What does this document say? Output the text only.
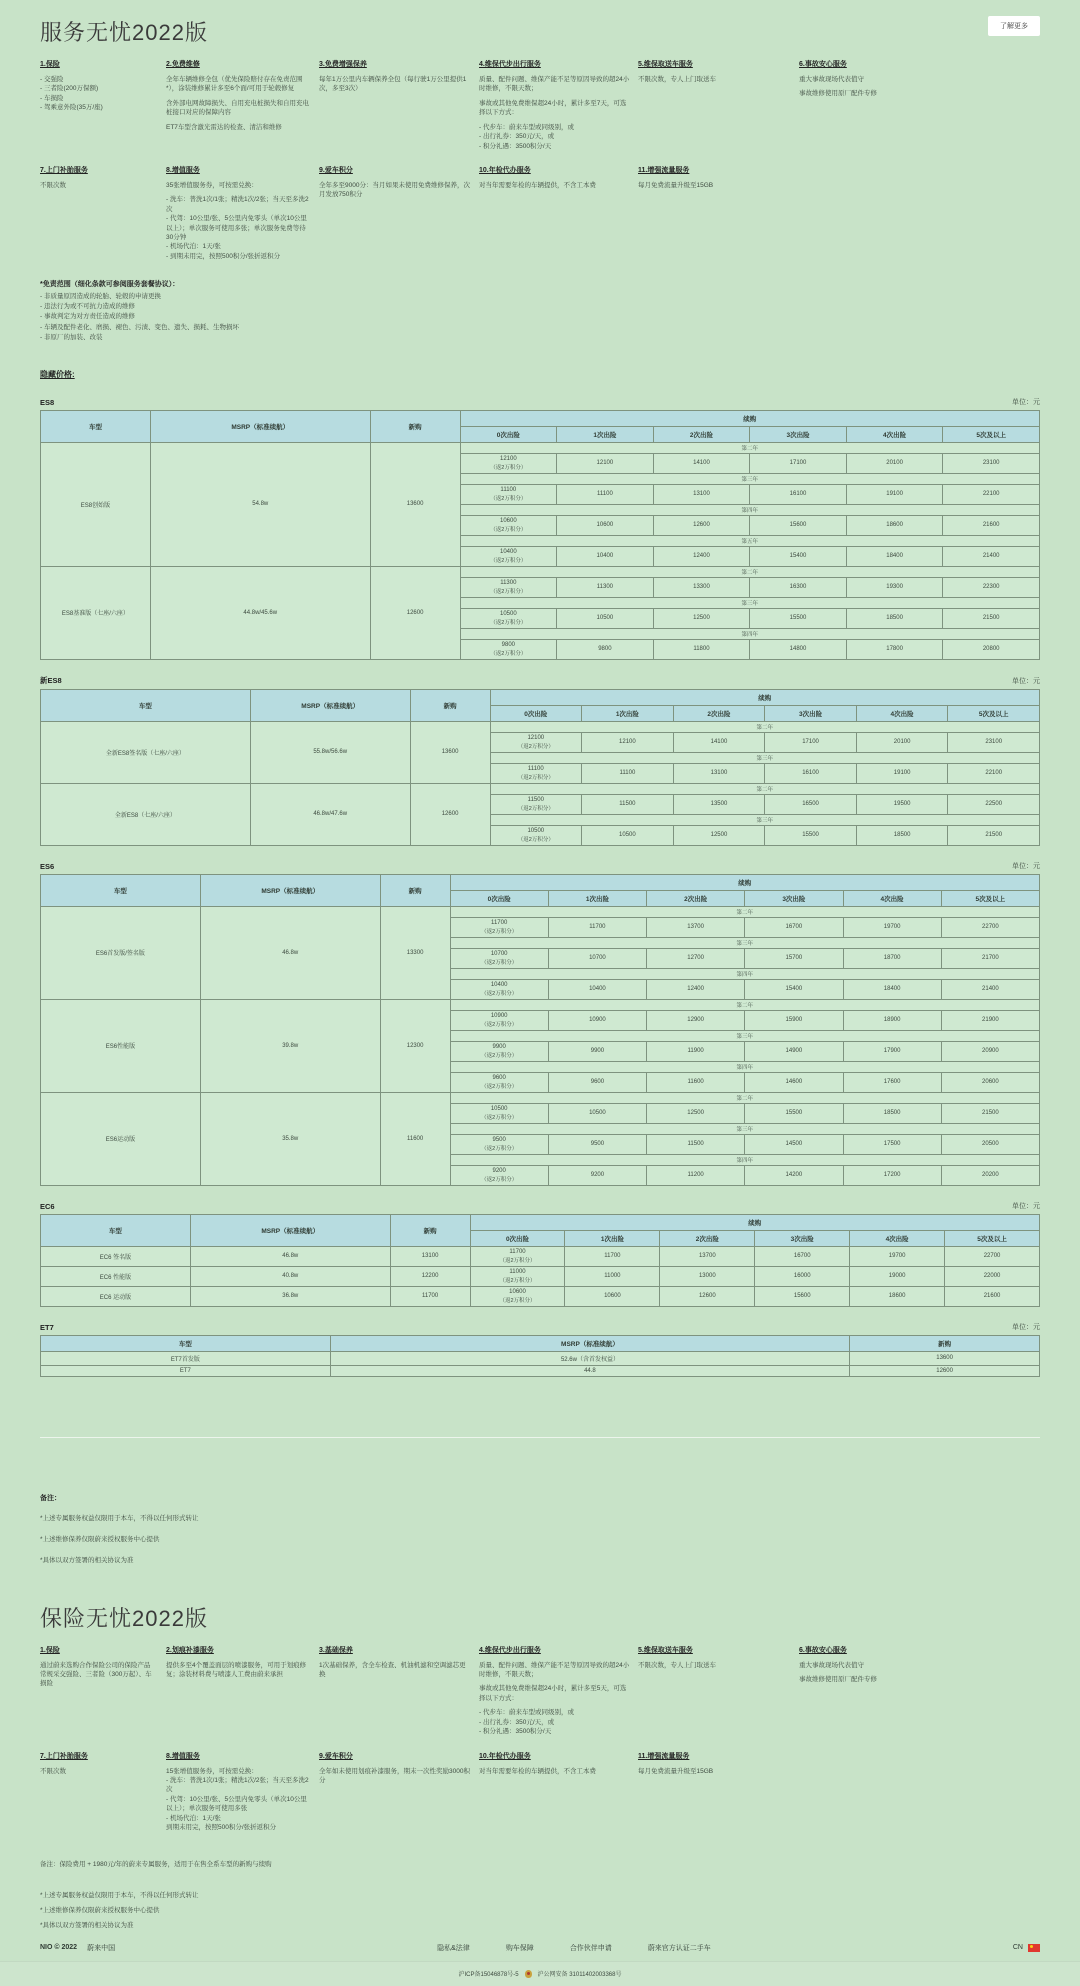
服务无忧2022版	了解更多
1.保险
- 交强险
- 三者险(200万保额)
- 车损险
- 驾乘意外险(35万/座)
2.免费维修
全年车辆维修全包（优先保险赔付存在免责范围*），涂装维修累计多至6个面/可用于轮毂修复
含外部电网故障损失、自用充电桩损失和自用充电桩接口对应的保障内容
ET7车型含激光雷达的检查、清洁和维修
3.免费增强保养
每年1万公里内车辆保养全包（每行驶1万公里提供1次，多至3次）
4.维保代步出行服务
质量、配件问题、维保产能不足等原因导致的超24小时维修，不限天数；
事故或其他免费维保超24小时，累计多至7天，可选择以下方式：
- 代步车：蔚来车型或同级别，或
- 出行礼券：350元/天，或
- 积分礼遇：3500积分/天
5.维保取送车服务
不限次数，专人上门取送车
6.事故安心服务
重大事故现场代表值守
事故维修使用原厂配件专修
7.上门补胎服务
不限次数
8.增值服务
35张增值服务券，可按需兑换：
- 洗车：普洗1次/1张；精洗1次/2张；当天至多洗2次
- 代驾：10公里/张、5公里内免零头（单次10公里以上）；单次服务可使用多张；单次服务免费等待30分钟
- 机场代泊：1天/张
- 到期未用完，按照500积分/张折返积分
9.爱车积分
全年多至9000分：当月如果未使用免费维修保养，次月发放750积分
10.年检代办服务
对当年需要年检的车辆提供，不含工本费
11.增强流量服务
每月免费流量升级至15GB
*免责范围（细化条款可参阅服务套餐协议）：
- 非质量原因造成的轮胎、轮毂的申请更换
- 违法行为或不可抗力造成的维修
- 事故判定为对方责任造成的维修
- 车辆及配件老化、磨损、褪色、污渍、变色、遗失、损耗、生物损坏
- 非原厂的加装、改装
隐藏价格:
ES8	单位：元
车型	MSRP（标准续航）	新购	续购					
			0次出险	1次出险	2次出险	3次出险	4次出险	5次及以上
ES8创始版	54.8w	13600	第二年					

			12100
（返2万积分）	12100	14100	17100	20100	23100

			第三年					

			11100
（返2万积分）	11100	13100	16100	19100	22100

			第四年					

			10600
（返2万积分）	10600	12600	15600	18600	21600

			第五年					

			10400
（返2万积分）	10400	12400	15400	18400	21400

ES8基准版（七座/六座）	44.8w/45.6w	12600	第二年					

			11300
（返2万积分）	11300	13300	16300	19300	22300

			第三年					

			10500
（返2万积分）	10500	12500	15500	18500	21500

			第四年					

			9800
（返2万积分）	9800	11800	14800	17800	20800
新ES8	单位：元
车型	MSRP（标准续航）	新购	续购					
			0次出险	1次出险	2次出险	3次出险	4次出险	5次及以上
全新ES8签名版（七座/六座）	55.8w/56.6w	13600	第二年					

			12100
（返2万积分）	12100	14100	17100	20100	23100

			第三年					

			11100
（返2万积分）	11100	13100	16100	19100	22100

全新ES8（七座/六座）	46.8w/47.6w	12600	第二年					

			11500
（返2万积分）	11500	13500	16500	19500	22500

			第三年					

			10500
（返2万积分）	10500	12500	15500	18500	21500
ES6	单位：元
车型	MSRP（标准续航）	新购	续购					
			0次出险	1次出险	2次出险	3次出险	4次出险	5次及以上
ES6首发版/签名版	46.8w	13300	第二年					

			11700
（返2万积分）	11700	13700	16700	19700	22700

			第三年					

			10700
（返2万积分）	10700	12700	15700	18700	21700

			第四年					

			10400
（返2万积分）	10400	12400	15400	18400	21400

ES6性能版	39.8w	12300	第二年					

			10900
（返2万积分）	10900	12900	15900	18900	21900

			第三年					

			9900
（返2万积分）	9900	11900	14900	17900	20900

			第四年					

			9600
（返2万积分）	9600	11600	14600	17600	20600

ES6运动版	35.8w	11600	第二年					

			10500
（返2万积分）	10500	12500	15500	18500	21500

			第三年					

			9500
（返2万积分）	9500	11500	14500	17500	20500

			第四年					

			9200
（返2万积分）	9200	11200	14200	17200	20200
EC6	单位：元
车型	MSRP（标准续航）	新购	续购					
			0次出险	1次出险	2次出险	3次出险	4次出险	5次及以上
EC6 签名版	46.8w	13100	11700
（返2万积分）	11700	13700	16700	19700	22700

EC6 性能版	40.8w	12200	11000
（返2万积分）	11000	13000	16000	19000	22000

EC6 运动版	36.8w	11700	10600
（返2万积分）	10600	12600	15600	18600	21600
ET7	单位：元
车型	MSRP（标准续航）	新购
ET7首发版	52.6w（含首发权益）	13600
ET7	44.8	12600
备注：
*上述专属服务权益仅限用于本车，不得以任何形式转让
*上述维修保养仅限蔚来授权服务中心提供
*具体以双方签署的相关协议为准
保险无忧2022版
1.保险
通过蔚来选购合作保险公司的保险产品
常规采交强险、三者险（300万起）、车损险
2.划痕补漆服务
提供多至4个覆盖面层的喷漆服务，可用于划痕修复；涂装材料费与喷漆人工费由蔚来承担
3.基础保养
1次基础保养，含全车检查、机油机滤和空调滤芯更换
4.维保代步出行服务
质量、配件问题、维保产能不足等原因导致的超24小时维修，不限天数；
事故或其他免费维保超24小时，累计多至5天，可选择以下方式：
- 代步车：蔚来车型或同级别，或
- 出行礼券：350元/天，或
- 积分礼遇：3500积分/天
5.维保取送车服务
不限次数，专人上门取送车
6.事故安心服务
重大事故现场代表值守
事故维修使用原厂配件专修
7.上门补胎服务
不限次数
8.增值服务
15张增值服务券，可按需兑换：
- 洗车：普洗1次/1张；精洗1次/2张；当天至多洗2次
- 代驾：10公里/张、5公里内免零头（单次10公里以上）；单次服务可使用多张
- 机场代泊：1天/张
到期未用完，按照500积分/张折返积分
9.爱车积分
全年如未使用划痕补漆服务，期末一次性奖励3000积分
10.年检代办服务
对当年需要年检的车辆提供，不含工本费
11.增强流量服务
每月免费流量升级至15GB
备注：保险费用 + 1980元/年的蔚来专属服务，适用于在售全系车型的新购与续购
*上述专属服务权益仅限用于本车，不得以任何形式转让
*上述维修保养仅限蔚来授权服务中心提供
*具体以双方签署的相关协议为准
NIO © 2022 蔚来中国	隐私&法律	购车保障	合作伙伴申请	蔚来官方认证二手车	CN
沪ICP备15046878号-5	沪公网安备 31011402003368号
